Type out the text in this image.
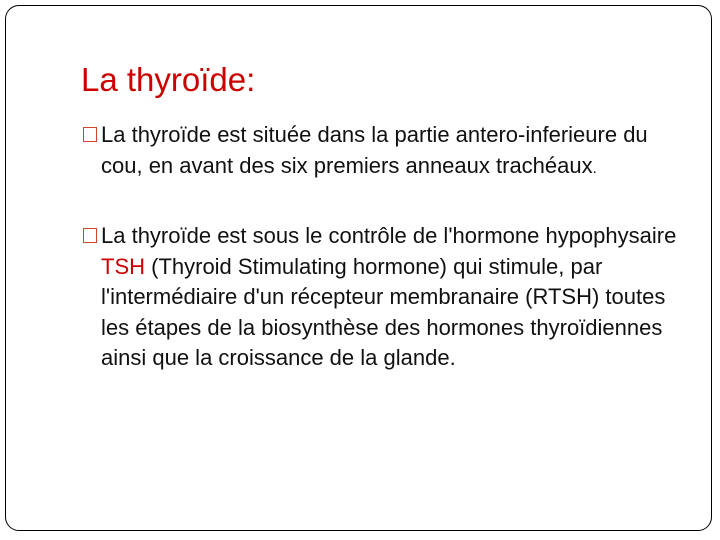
La thyroïde:
La thyroïde est située dans la partie antero-inferieure du cou, en avant des six premiers anneaux trachéaux.
La thyroïde est sous le contrôle de l'hormone hypophysaire TSH (Thyroid Stimulating hormone) qui stimule, par l'intermédiaire d'un récepteur membranaire (RTSH) toutes les étapes de la biosynthèse des hormones thyroïdiennes ainsi que la croissance de la glande.
